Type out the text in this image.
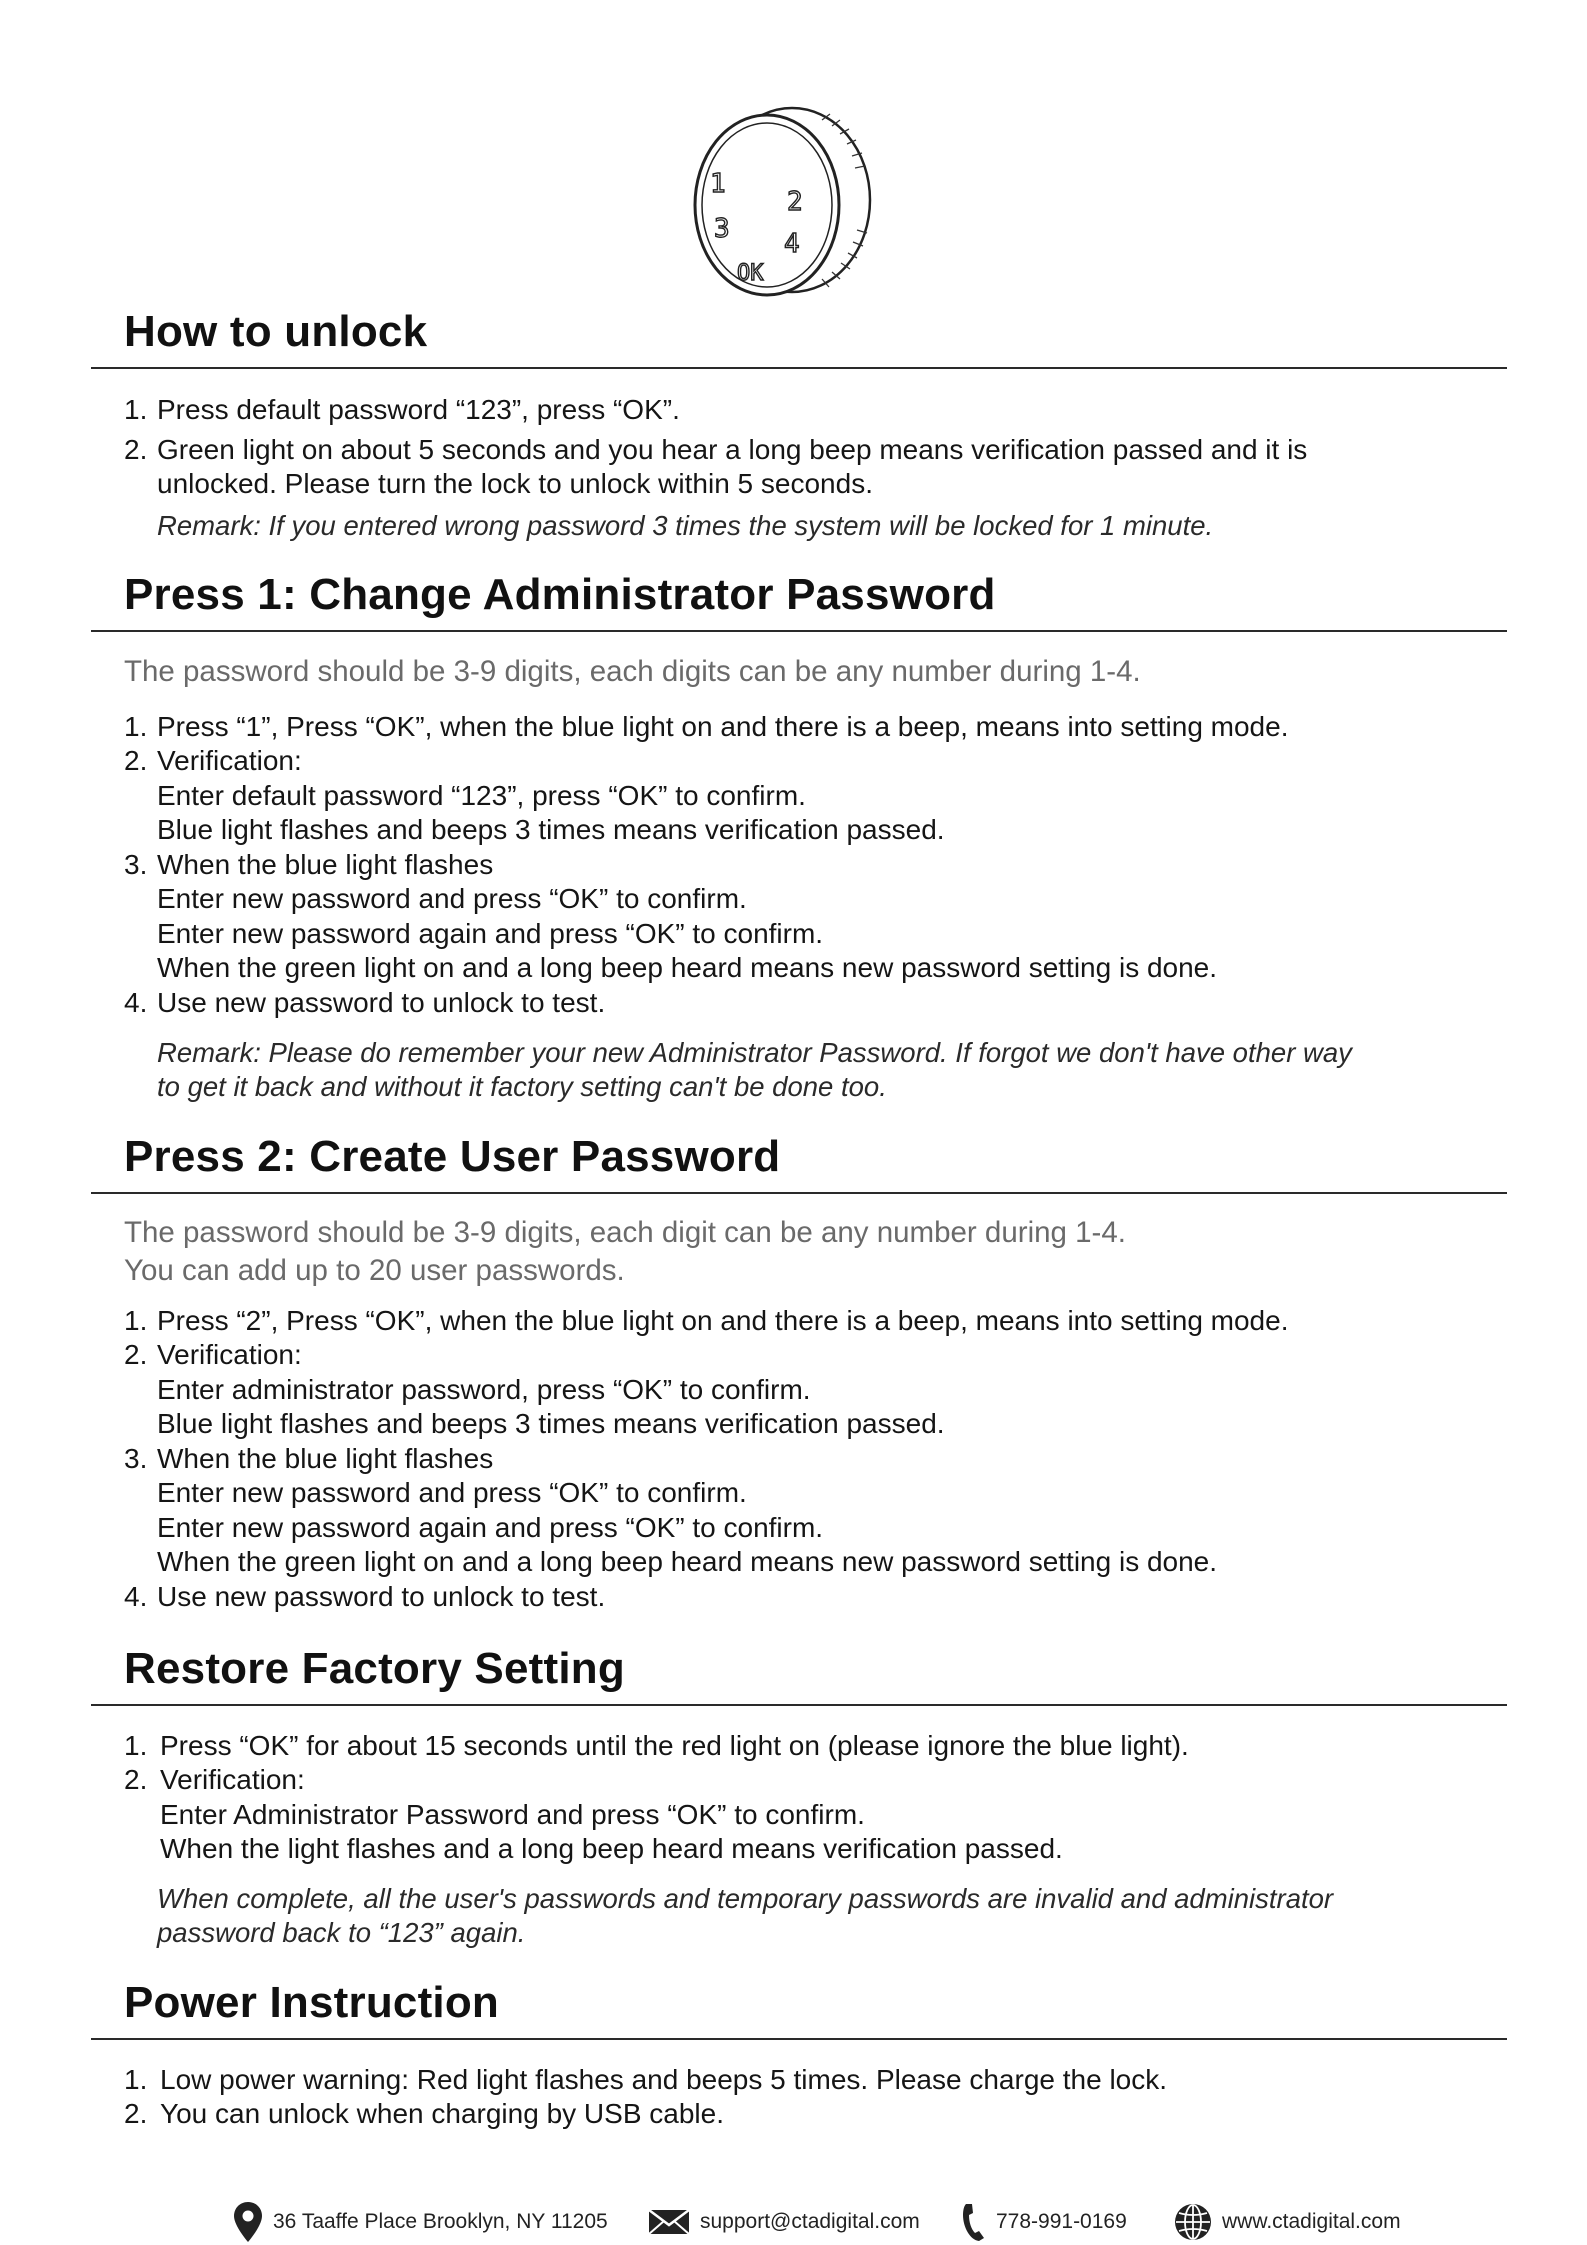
1
2
3 4
OK
How to unlock
1. Press default password “123”, press “OK”.
2. Green light on about 5 seconds and you hear a long beep means verification passed and it is
unlocked. Please turn the lock to unlock within 5 seconds.
Remark: If you entered wrong password 3 times the system will be locked for 1 minute.
Press 1: Change Administrator Password
The password should be 3-9 digits, each digits can be any number during 1-4.
1. Press “1”, Press “OK”, when the blue light on and there is a beep, means into setting mode.
2. Verification:
Enter default password “123”, press “OK” to confirm.
Blue light flashes and beeps 3 times means verification passed.
3. When the blue light flashes
Enter new password and press “OK” to confirm.
Enter new password again and press “OK” to confirm.
When the green light on and a long beep heard means new password setting is done.
4. Use new password to unlock to test.
Remark: Please do remember your new Administrator Password. If forgot we don't have other way
to get it back and without it factory setting can't be done too.
Press 2: Create User Password
The password should be 3-9 digits, each digit can be any number during 1-4.
You can add up to 20 user passwords.
1. Press “2”, Press “OK”, when the blue light on and there is a beep, means into setting mode.
2. Verification:
Enter administrator password, press “OK” to confirm.
Blue light flashes and beeps 3 times means verification passed.
3. When the blue light flashes
Enter new password and press “OK” to confirm.
Enter new password again and press “OK” to confirm.
When the green light on and a long beep heard means new password setting is done.
4. Use new password to unlock to test.
Restore Factory Setting
1. Press “OK” for about 15 seconds until the red light on (please ignore the blue light).
2. Verification:
Enter Administrator Password and press “OK” to confirm.
When the light flashes and a long beep heard means verification passed.
When complete, all the user's passwords and temporary passwords are invalid and administrator
password back to “123” again.
Power Instruction
1. Low power warning: Red light flashes and beeps 5 times. Please charge the lock.
2. You can unlock when charging by USB cable.
36 Taaffe Place Brooklyn, NY 11205	support@ctadigital.com	778-991-0169	www.ctadigital.com
